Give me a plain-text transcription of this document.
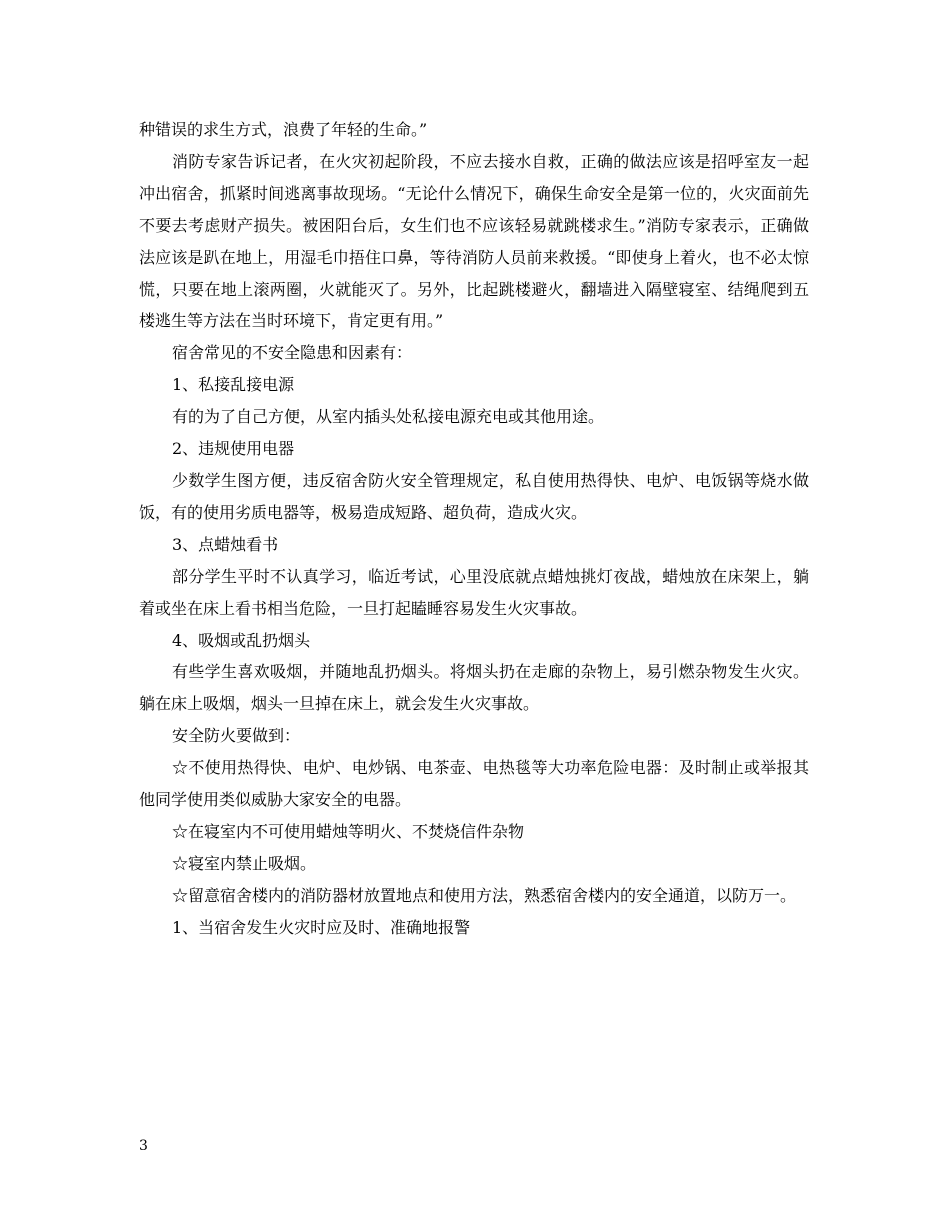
种错误的求生方式，浪费了年轻的生命。”

消防专家告诉记者，在火灾初起阶段，不应去接水自救，正确的做法应该是招呼室友一起冲出宿舍，抓紧时间逃离事故现场。“无论什么情况下，确保生命安全是第一位的，火灾面前先不要去考虑财产损失。被困阳台后，女生们也不应该轻易就跳楼求生。”消防专家表示，正确做法应该是趴在地上，用湿毛巾捂住口鼻，等待消防人员前来救援。“即使身上着火，也不必太惊慌，只要在地上滚两圈，火就能灭了。另外，比起跳楼避火，翻墙进入隔壁寝室、结绳爬到五楼逃生等方法在当时环境下，肯定更有用。”

宿舍常见的不安全隐患和因素有：

1、私接乱接电源

有的为了自己方便，从室内插头处私接电源充电或其他用途。

2、违规使用电器

少数学生图方便，违反宿舍防火安全管理规定，私自使用热得快、电炉、电饭锅等烧水做饭，有的使用劣质电器等，极易造成短路、超负荷，造成火灾。

3、点蜡烛看书

部分学生平时不认真学习，临近考试，心里没底就点蜡烛挑灯夜战，蜡烛放在床架上，躺着或坐在床上看书相当危险，一旦打起瞌睡容易发生火灾事故。

4、吸烟或乱扔烟头

有些学生喜欢吸烟，并随地乱扔烟头。将烟头扔在走廊的杂物上，易引燃杂物发生火灾。躺在床上吸烟，烟头一旦掉在床上，就会发生火灾事故。

安全防火要做到：

☆不使用热得快、电炉、电炒锅、电茶壶、电热毯等大功率危险电器：及时制止或举报其他同学使用类似威胁大家安全的电器。

☆在寝室内不可使用蜡烛等明火、不焚烧信件杂物

☆寝室内禁止吸烟。

☆留意宿舍楼内的消防器材放置地点和使用方法，熟悉宿舍楼内的安全通道，以防万一。

1、当宿舍发生火灾时应及时、准确地报警

3
